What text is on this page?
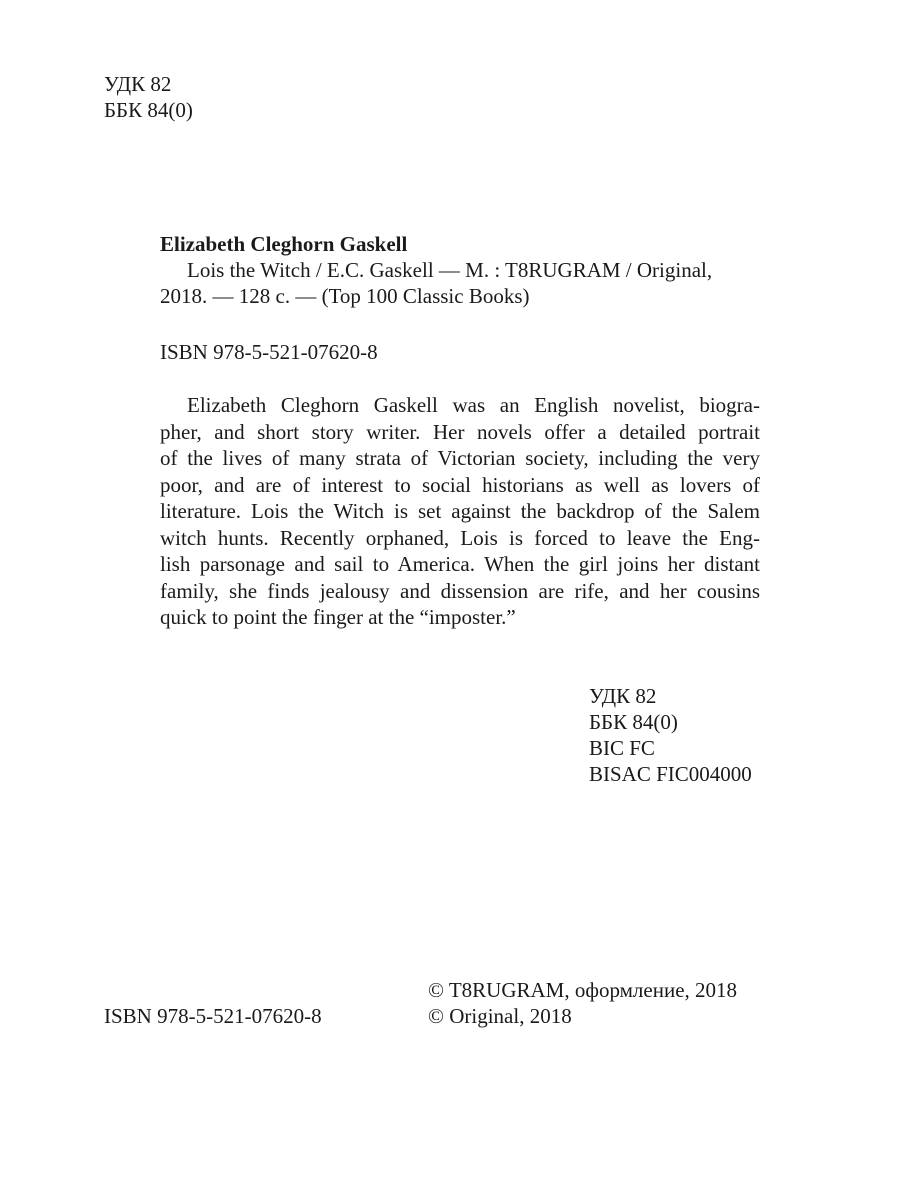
УДК 82
ББК 84(0)
Elizabeth Cleghorn Gaskell
Lois the Witch / E.C. Gaskell — M. : T8RUGRAM / Original,
2018. — 128 c. — (Top 100 Classic Books)
ISBN 978-5-521-07620-8
Elizabeth Cleghorn Gaskell was an English novelist, biogra-
pher, and short story writer. Her novels offer a detailed portrait
of the lives of many strata of Victorian society, including the very
poor, and are of interest to social historians as well as lovers of
literature. Lois the Witch is set against the backdrop of the Salem
witch hunts. Recently orphaned, Lois is forced to leave the Eng-
lish parsonage and sail to America. When the girl joins her distant
family, she finds jealousy and dissension are rife, and her cousins
quick to point the finger at the “imposter.”
УДК 82
ББК 84(0)
BIC FC
BISAC FIC004000
ISBN 978-5-521-07620-8
© T8RUGRAM, оформление, 2018
© Original, 2018
